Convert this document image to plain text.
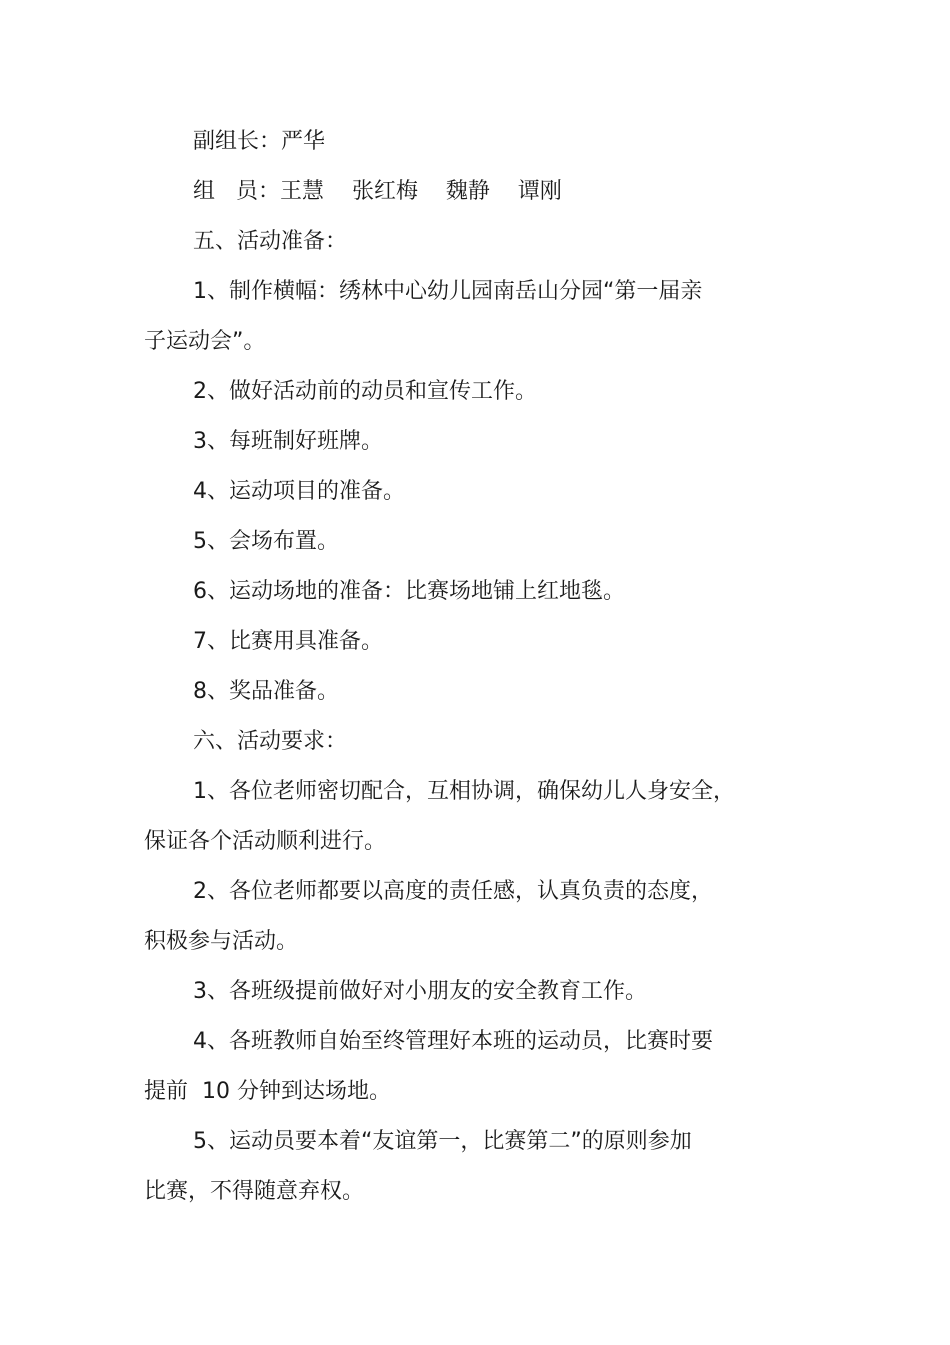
副组长：严华
组   员：王慧    张红梅    魏静    谭刚
五、活动准备：
1、制作横幅：绣林中心幼儿园南岳山分园“第一届亲
子运动会”。
2、做好活动前的动员和宣传工作。
3、每班制好班牌。
4、运动项目的准备。
5、会场布置。
6、运动场地的准备：比赛场地铺上红地毯。
7、比赛用具准备。
8、奖品准备。
六、活动要求：
1、各位老师密切配合，互相协调，确保幼儿人身安全，
保证各个活动顺利进行。
2、各位老师都要以高度的责任感，认真负责的态度，
积极参与活动。
3、各班级提前做好对小朋友的安全教育工作。
4、各班教师自始至终管理好本班的运动员，比赛时要
提前  10 分钟到达场地。
5、运动员要本着“友谊第一，比赛第二”的原则参加
比赛，不得随意弃权。
